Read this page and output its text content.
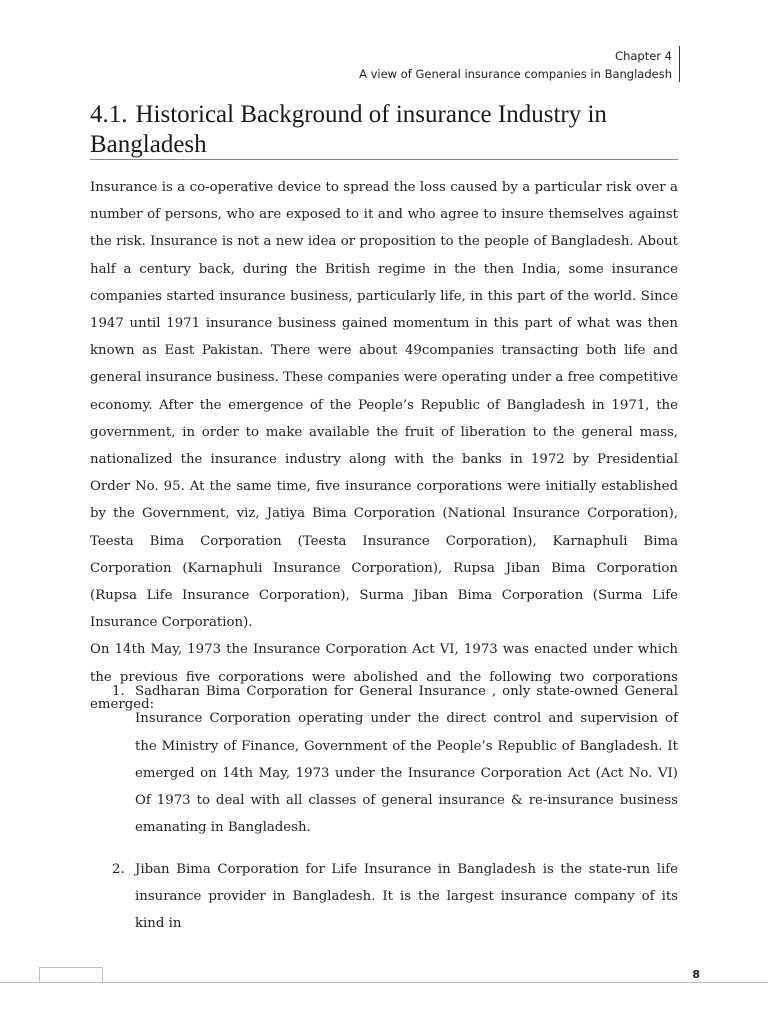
Chapter 4
A view of General insurance companies in Bangladesh
4.1. Historical Background of insurance Industry in Bangladesh

Insurance is a co-operative device to spread the loss caused by a particular risk over a number of persons, who are exposed to it and who agree to insure themselves against the risk. Insurance is not a new idea or proposition to the people of Bangladesh. About half a century back, during the British regime in the then India, some insurance companies started insurance business, particularly life, in this part of the world. Since 1947 until 1971 insurance business gained momentum in this part of what was then known as East Pakistan. There were about 49companies transacting both life and general insurance business. These companies were operating under a free competitive economy. After the emergence of the People’s Republic of Bangladesh in 1971, the government, in order to make available the fruit of liberation to the general mass, nationalized the insurance industry along with the banks in 1972 by Presidential Order No. 95. At the same time, five insurance corporations were initially established by the Government, viz, Jatiya Bima Corporation (National Insurance Corporation), Teesta Bima Corporation (Teesta Insurance Corporation), Karnaphuli Bima Corporation (Karnaphuli Insurance Corporation), Rupsa Jiban Bima Corporation (Rupsa Life Insurance Corporation), Surma Jiban Bima Corporation (Surma Life Insurance Corporation).

On 14th May, 1973 the Insurance Corporation Act VI, 1973 was enacted under which the previous five corporations were abolished and the following two corporations emerged:

1. Sadharan Bima Corporation for General Insurance , only state-owned General Insurance Corporation operating under the direct control and supervision of the Ministry of Finance, Government of the People’s Republic of Bangladesh. It emerged on 14th May, 1973 under the Insurance Corporation Act (Act No. VI) Of 1973 to deal with all classes of general insurance & re-insurance business emanating in Bangladesh.
2. Jiban Bima Corporation for Life Insurance in Bangladesh is the state-run life insurance provider in Bangladesh. It is the largest insurance company of its kind in
8
